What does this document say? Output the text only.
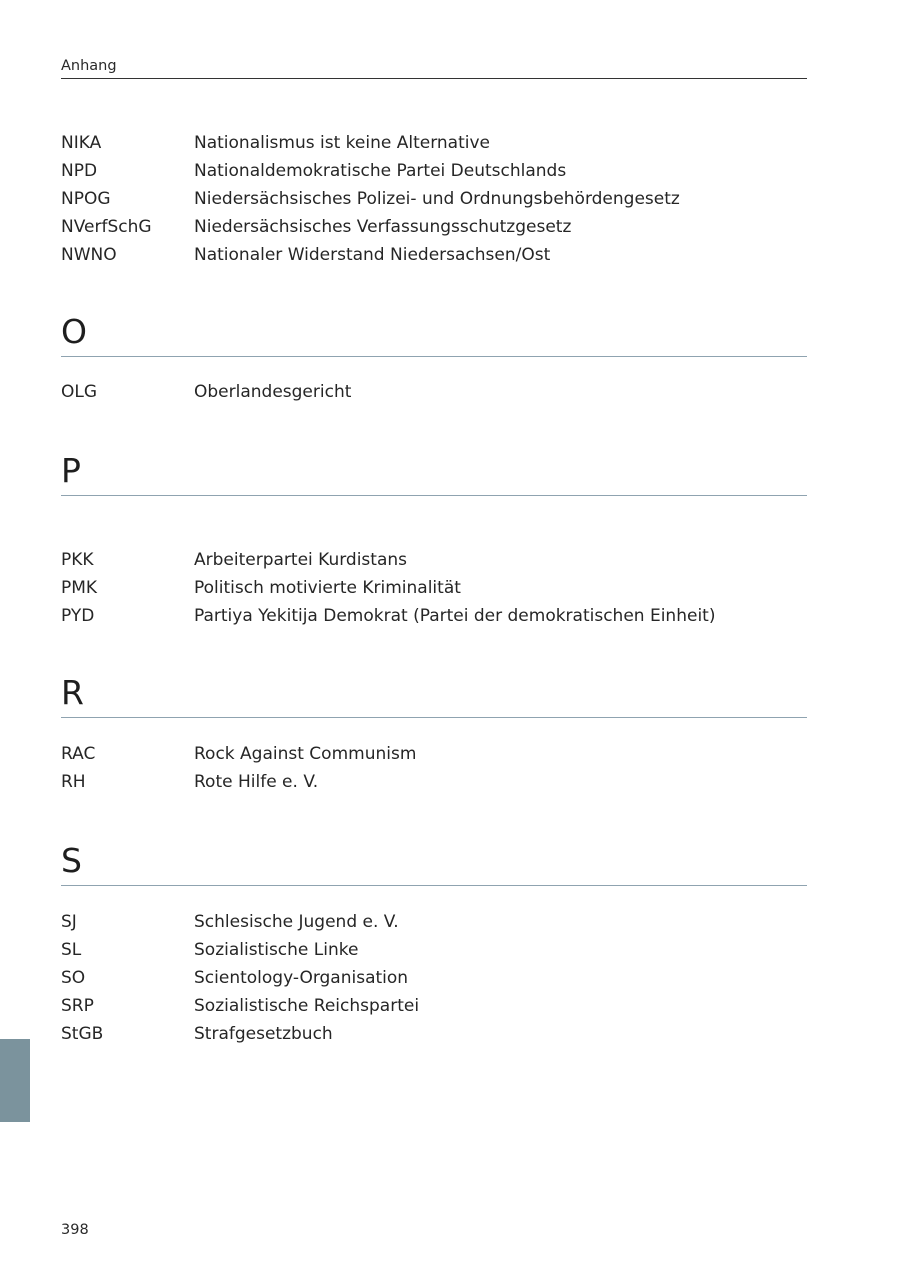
Anhang
NIKA	Nationalismus ist keine Alternative
NPD	Nationaldemokratische Partei Deutschlands
NPOG	Niedersächsisches Polizei- und Ordnungsbehördengesetz
NVerfSchG Niedersächsisches Verfassungsschutzgesetz
NWNO	Nationaler Widerstand Niedersachsen/Ost
O
OLG	Oberlandesgericht
P
PKK	Arbeiterpartei Kurdistans
PMK	Politisch motivierte Kriminalität
PYD	Partiya Yekitija Demokrat (Partei der demokratischen Einheit)
R
RAC	Rock Against Communism
RH	Rote Hilfe e. V.
S
SJ	Schlesische Jugend e. V.
SL	Sozialistische Linke
SO	Scientology-Organisation
SRP	Sozialistische Reichspartei
StGB	Strafgesetzbuch
398
